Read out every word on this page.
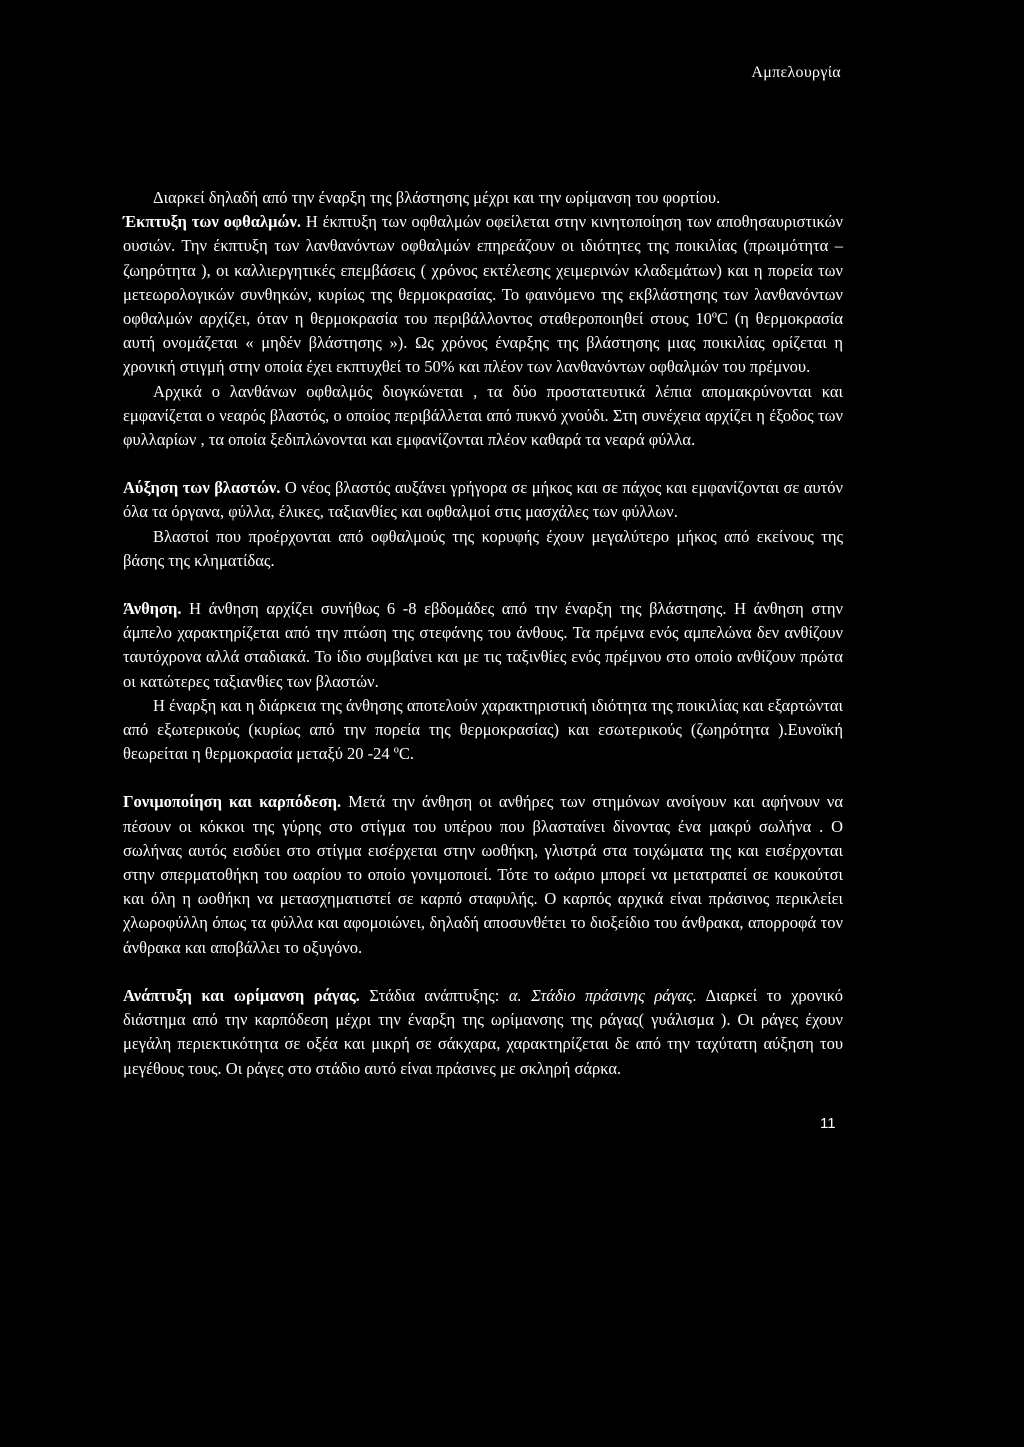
Αμπελουργία

Διαρκεί δηλαδή από την έναρξη της βλάστησης μέχρι και την ωρίμανση του φορτίου.

Έκπτυξη των οφθαλμών. Η έκπτυξη των οφθαλμών οφείλεται στην κινητοποίηση των αποθησαυριστικών ουσιών. Την έκπτυξη των λανθανόντων οφθαλμών επηρεάζουν οι ιδιότητες της ποικιλίας (πρωιμότητα – ζωηρότητα ), οι καλλιεργητικές επεμβάσεις ( χρόνος εκτέλεσης χειμερινών κλαδεμάτων) και η πορεία των μετεωρολογικών συνθηκών, κυρίως της θερμοκρασίας. Το φαινόμενο της εκβλάστησης των λανθανόντων οφθαλμών αρχίζει, όταν η θερμοκρασία του περιβάλλοντος σταθεροποιηθεί στους 10ºC (η θερμοκρασία αυτή ονομάζεται « μηδέν βλάστησης »). Ως χρόνος έναρξης της βλάστησης μιας ποικιλίας ορίζεται η χρονική στιγμή στην οποία έχει εκπτυχθεί το 50% και πλέον των λανθανόντων οφθαλμών του πρέμνου.

Αρχικά ο λανθάνων οφθαλμός διογκώνεται , τα δύο προστατευτικά λέπια απομακρύνονται και εμφανίζεται ο νεαρός βλαστός, ο οποίος περιβάλλεται από πυκνό χνούδι. Στη συνέχεια αρχίζει η έξοδος των φυλλαρίων , τα οποία ξεδιπλώνονται και εμφανίζονται πλέον καθαρά τα νεαρά φύλλα.

Αύξηση των βλαστών. Ο νέος βλαστός αυξάνει γρήγορα σε μήκος και σε πάχος και εμφανίζονται σε αυτόν όλα τα όργανα, φύλλα, έλικες, ταξιανθίες και οφθαλμοί στις μασχάλες των φύλλων.

Βλαστοί που προέρχονται από οφθαλμούς της κορυφής έχουν μεγαλύτερο μήκος από εκείνους της βάσης της κληματίδας.

Άνθηση. Η άνθηση αρχίζει συνήθως 6 -8 εβδομάδες από την έναρξη της βλάστησης. Η άνθηση στην άμπελο χαρακτηρίζεται από την πτώση της στεφάνης του άνθους. Τα πρέμνα ενός αμπελώνα δεν ανθίζουν ταυτόχρονα αλλά σταδιακά. Το ίδιο συμβαίνει και με τις ταξινθίες ενός πρέμνου στο οποίο ανθίζουν πρώτα οι κατώτερες ταξιανθίες των βλαστών.

Η έναρξη και η διάρκεια της άνθησης αποτελούν χαρακτηριστική ιδιότητα της ποικιλίας και εξαρτώνται από εξωτερικούς (κυρίως από την πορεία της θερμοκρασίας) και εσωτερικούς (ζωηρότητα ).Ευνοϊκή θεωρείται η θερμοκρασία μεταξύ 20 -24 ºC.

Γονιμοποίηση και καρπόδεση. Μετά την άνθηση οι ανθήρες των στημόνων ανοίγουν και αφήνουν να πέσουν οι κόκκοι της γύρης στο στίγμα του υπέρου που βλασταίνει δίνοντας ένα μακρύ σωλήνα . Ο σωλήνας αυτός εισδύει στο στίγμα εισέρχεται στην ωοθήκη, γλιστρά στα τοιχώματα της και εισέρχονται στην σπερματοθήκη του ωαρίου το οποίο γονιμοποιεί. Τότε το ωάριο μπορεί να μετατραπεί σε κουκούτσι και όλη η ωοθήκη να μετασχηματιστεί σε καρπό σταφυλής. Ο καρπός αρχικά είναι πράσινος περικλείει χλωροφύλλη όπως τα φύλλα και αφομοιώνει, δηλαδή αποσυνθέτει το διοξείδιο του άνθρακα, απορροφά τον άνθρακα και αποβάλλει το οξυγόνο.

Ανάπτυξη και ωρίμανση ράγας. Στάδια ανάπτυξης: α. Στάδιο πράσινης ράγας. Διαρκεί το χρονικό διάστημα από την καρπόδεση μέχρι την έναρξη της ωρίμανσης της ράγας( γυάλισμα ). Οι ράγες έχουν μεγάλη περιεκτικότητα σε οξέα και μικρή σε σάκχαρα, χαρακτηρίζεται δε από την ταχύτατη αύξηση του μεγέθους τους. Οι ράγες στο στάδιο αυτό είναι πράσινες με σκληρή σάρκα.

11
